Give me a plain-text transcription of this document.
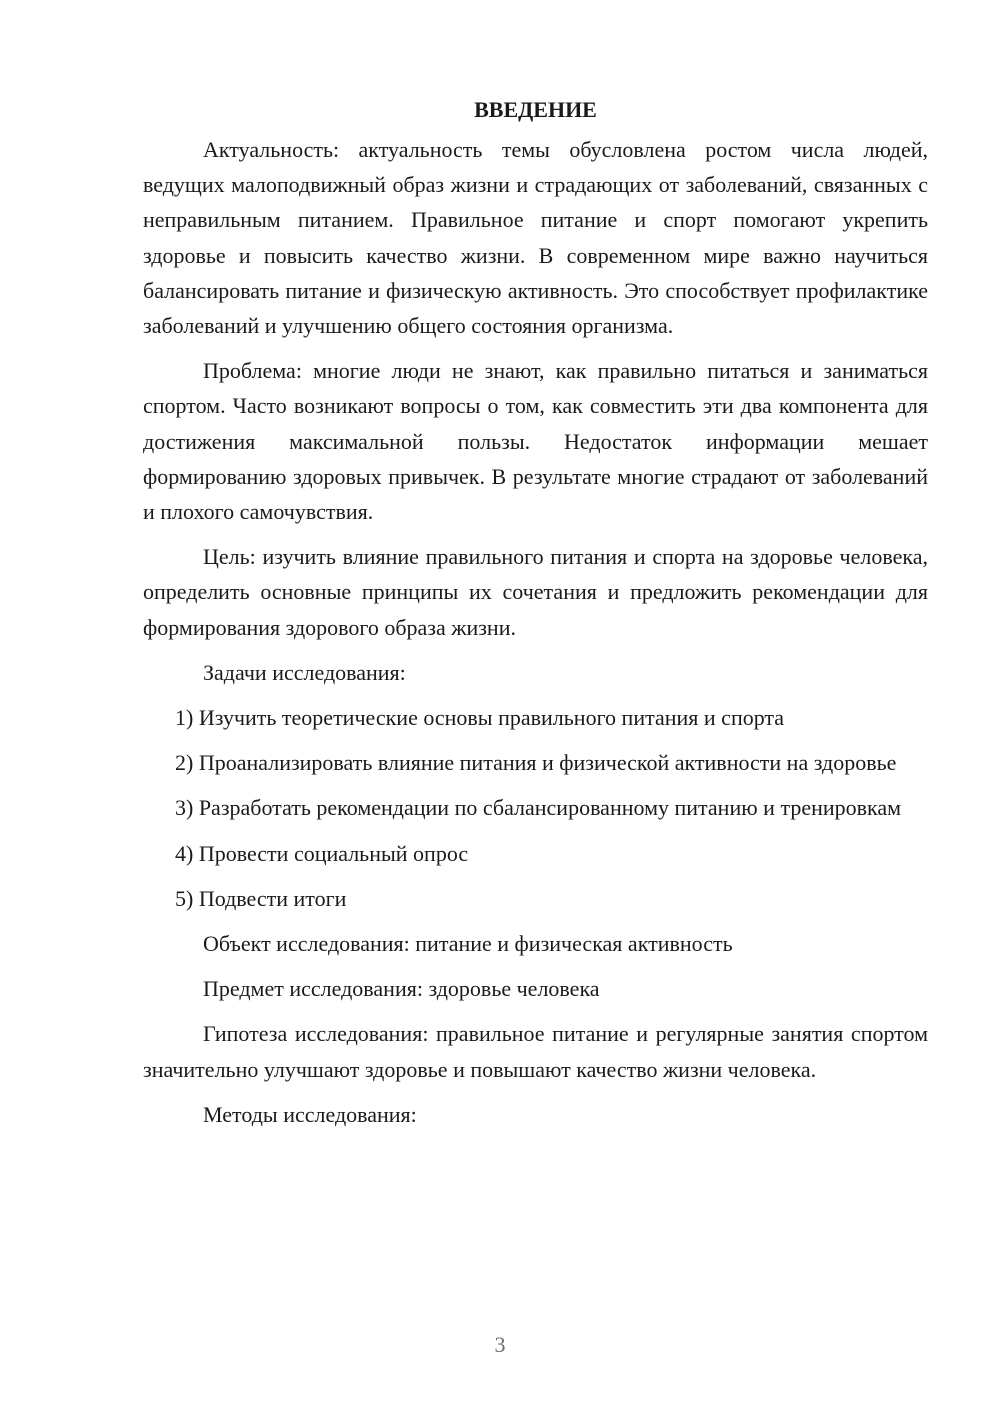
ВВЕДЕНИЕ

Актуальность: актуальность темы обусловлена ростом числа людей, ведущих малоподвижный образ жизни и страдающих от заболеваний, связанных с неправильным питанием. Правильное питание и спорт помогают укрепить здоровье и повысить качество жизни. В современном мире важно научиться балансировать питание и физическую активность. Это способствует профилактике заболеваний и улучшению общего состояния организма.

Проблема: многие люди не знают, как правильно питаться и заниматься спортом. Часто возникают вопросы о том, как совместить эти два компонента для достижения максимальной пользы. Недостаток информации мешает формированию здоровых привычек. В результате многие страдают от заболеваний и плохого самочувствия.

Цель: изучить влияние правильного питания и спорта на здоровье человека, определить основные принципы их сочетания и предложить рекомендации для формирования здорового образа жизни.

Задачи исследования:

1) Изучить теоретические основы правильного питания и спорта

2) Проанализировать влияние питания и физической активности на здоровье

3) Разработать рекомендации по сбалансированному питанию и тренировкам

4) Провести социальный опрос

5) Подвести итоги

Объект исследования: питание и физическая активность

Предмет исследования: здоровье человека

Гипотеза исследования: правильное питание и регулярные занятия спортом значительно улучшают здоровье и повышают качество жизни человека.

Методы исследования:

3
